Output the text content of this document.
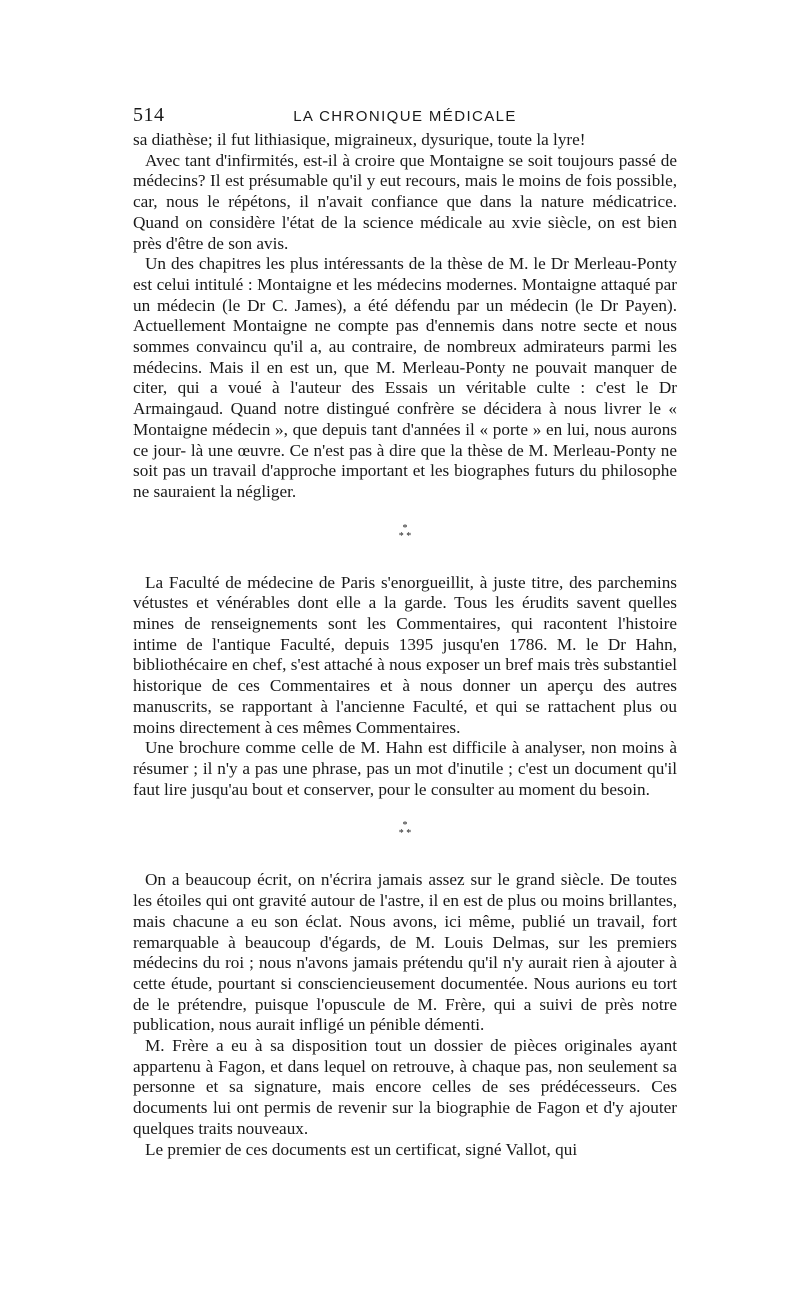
514	LA CHRONIQUE MÉDICALE

sa diathèse; il fut lithiasique, migraineux, dysurique, toute la lyre!

Avec tant d'infirmités, est-il à croire que Montaigne se soit toujours passé de médecins? Il est présumable qu'il y eut recours, mais le moins de fois possible, car, nous le répétons, il n'avait confiance que dans la nature médicatrice. Quand on considère l'état de la science médicale au xvie siècle, on est bien près d'être de son avis.

Un des chapitres les plus intéressants de la thèse de M. le Dr Merleau-Ponty est celui intitulé : Montaigne et les médecins modernes. Montaigne attaqué par un médecin (le Dr C. James), a été défendu par un médecin (le Dr Payen). Actuellement Montaigne ne compte pas d'ennemis dans notre secte et nous sommes convaincu qu'il a, au contraire, de nombreux admirateurs parmi les médecins. Mais il en est un, que M. Merleau-Ponty ne pouvait manquer de citer, qui a voué à l'auteur des Essais un véritable culte : c'est le Dr Armaingaud. Quand notre distingué confrère se décidera à nous livrer le « Montaigne médecin », que depuis tant d'années il « porte » en lui, nous aurons ce jour- là une œuvre. Ce n'est pas à dire que la thèse de M. Merleau-Ponty ne soit pas un travail d'approche important et les biographes futurs du philosophe ne sauraient la négliger.

*
* *

La Faculté de médecine de Paris s'enorgueillit, à juste titre, des parchemins vétustes et vénérables dont elle a la garde. Tous les érudits savent quelles mines de renseignements sont les Commentaires, qui racontent l'histoire intime de l'antique Faculté, depuis 1395 jusqu'en 1786. M. le Dr Hahn, bibliothécaire en chef, s'est attaché à nous exposer un bref mais très substantiel historique de ces Commentaires et à nous donner un aperçu des autres manuscrits, se rapportant à l'ancienne Faculté, et qui se rattachent plus ou moins directement à ces mêmes Commentaires.

Une brochure comme celle de M. Hahn est difficile à analyser, non moins à résumer ; il n'y a pas une phrase, pas un mot d'inutile ; c'est un document qu'il faut lire jusqu'au bout et conserver, pour le consulter au moment du besoin.

*
* *

On a beaucoup écrit, on n'écrira jamais assez sur le grand siècle. De toutes les étoiles qui ont gravité autour de l'astre, il en est de plus ou moins brillantes, mais chacune a eu son éclat. Nous avons, ici même, publié un travail, fort remarquable à beaucoup d'égards, de M. Louis Delmas, sur les premiers médecins du roi ; nous n'avons jamais prétendu qu'il n'y aurait rien à ajouter à cette étude, pourtant si consciencieusement documentée. Nous aurions eu tort de le prétendre, puisque l'opuscule de M. Frère, qui a suivi de près notre publication, nous aurait infligé un pénible démenti.

M. Frère a eu à sa disposition tout un dossier de pièces originales ayant appartenu à Fagon, et dans lequel on retrouve, à chaque pas, non seulement sa personne et sa signature, mais encore celles de ses prédécesseurs. Ces documents lui ont permis de revenir sur la biographie de Fagon et d'y ajouter quelques traits nouveaux.

Le premier de ces documents est un certificat, signé Vallot, qui
